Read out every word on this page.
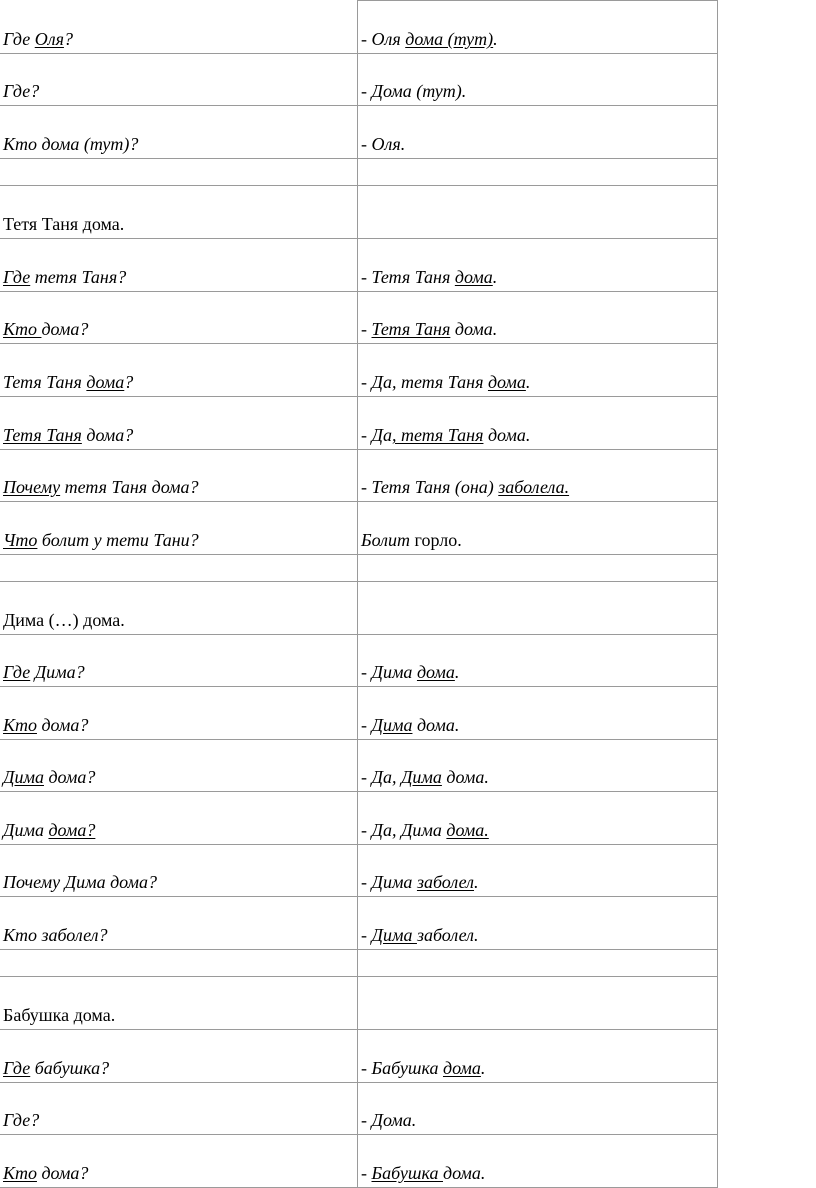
Где Оля?	- Оля дома (тут).
Где?	- Дома (тут).
Кто дома (тут)?	- Оля.
Тетя Таня дома.
Где тетя Таня?	- Тетя Таня дома.
Кто дома?	- Тетя Таня дома.
Тетя Таня дома?	- Да, тетя Таня дома.
Тетя Таня дома?	- Да, тетя Таня дома.
Почему тетя Таня дома?	- Тетя Таня (она) заболела.
Что болит у тети Тани?	Болит горло.
Дима (…) дома.
Где Дима?	- Дима дома.
Кто дома?	- Дима дома.
Дима дома?	- Да, Дима дома.
Дима дома?	- Да, Дима дома.
Почему Дима дома?	- Дима заболел.
Кто заболел?	- Дима заболел.
Бабушка дома.
Где бабушка?	- Бабушка дома.
Где?	- Дома.
Кто дома?	- Бабушка дома.
